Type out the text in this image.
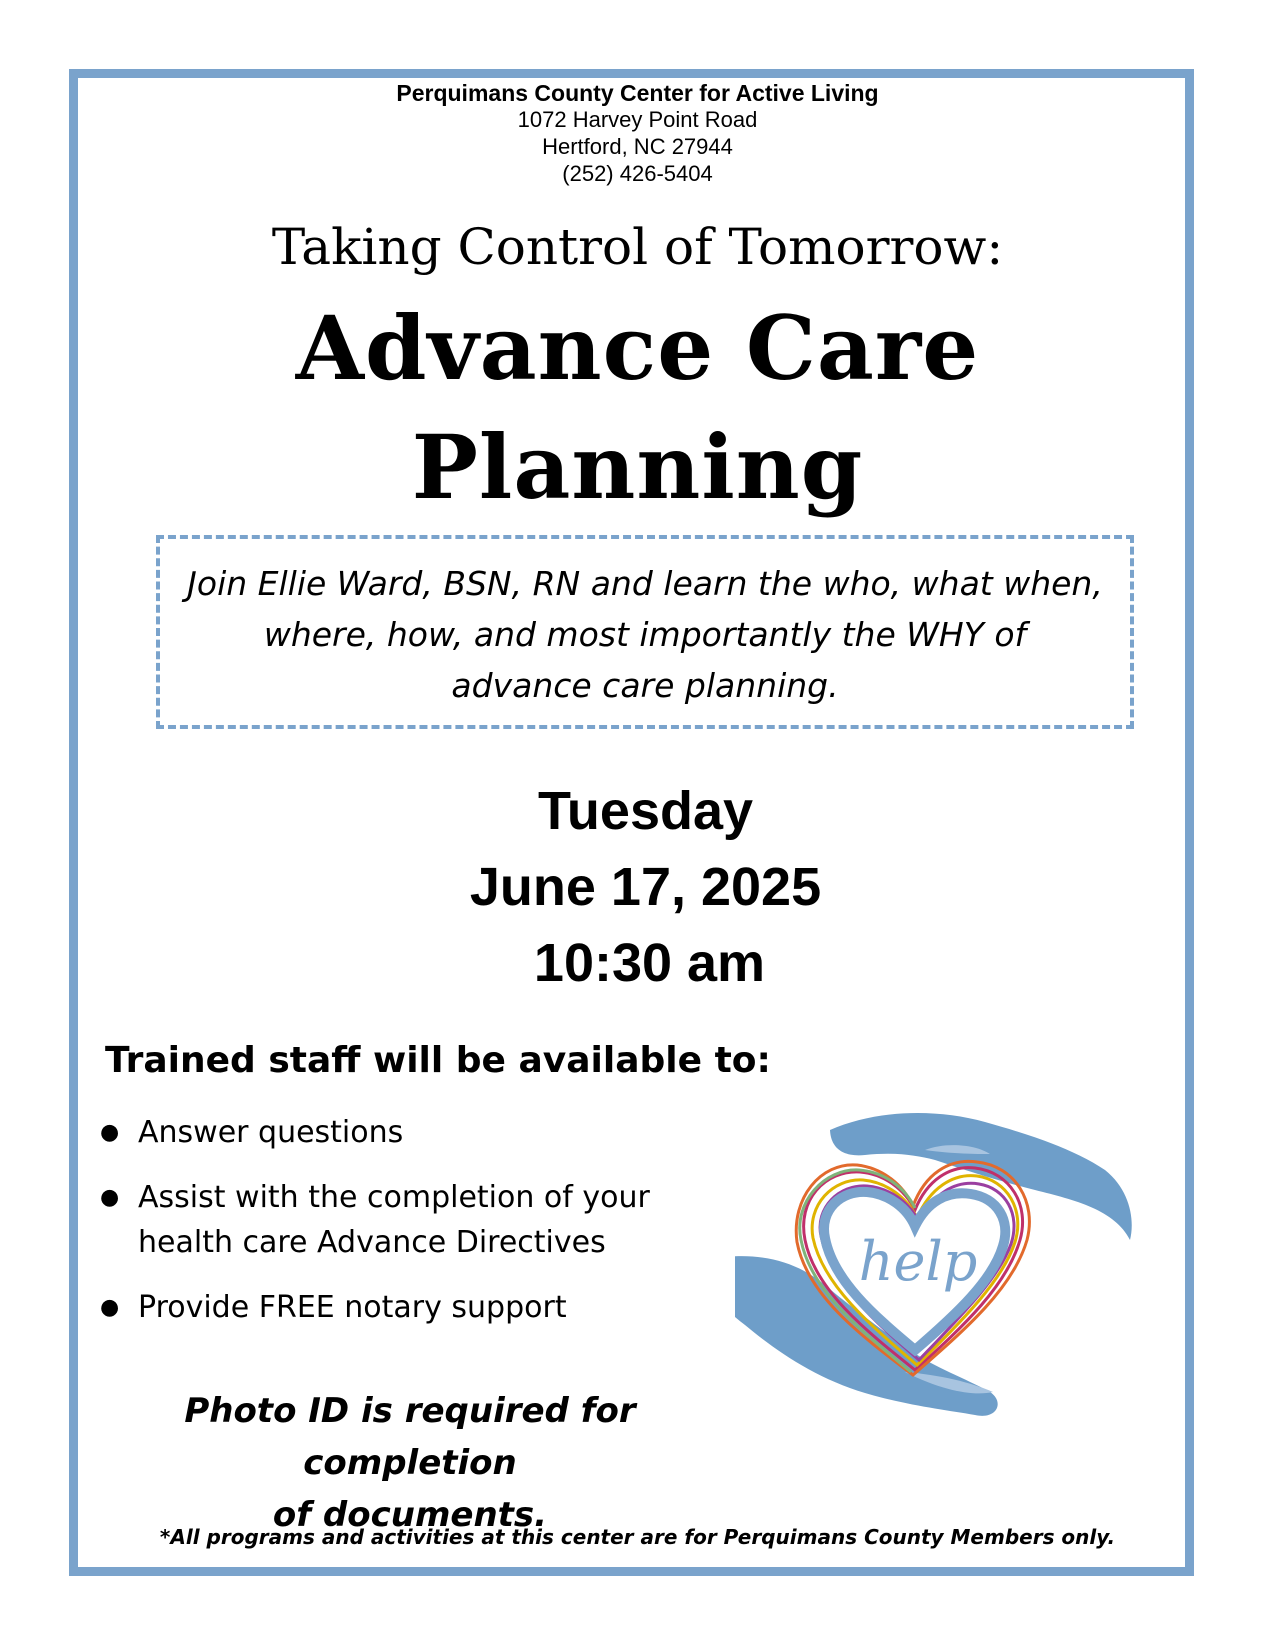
Perquimans County Center for Active Living
1072 Harvey Point Road
Hertford, NC 27944
(252) 426-5404
Taking Control of Tomorrow:
Advance Care
Planning
Join Ellie Ward, BSN, RN and learn the who, what when,
where, how, and most importantly the WHY of
advance care planning.
Tuesday
June 17, 2025
10:30 am
Trained staff will be available to:
● Answer questions
● Assist with the completion of your health care Advance Directives
● Provide FREE notary support
Photo ID is required for completion
of documents.
help
*All programs and activities at this center are for Perquimans County Members only.
